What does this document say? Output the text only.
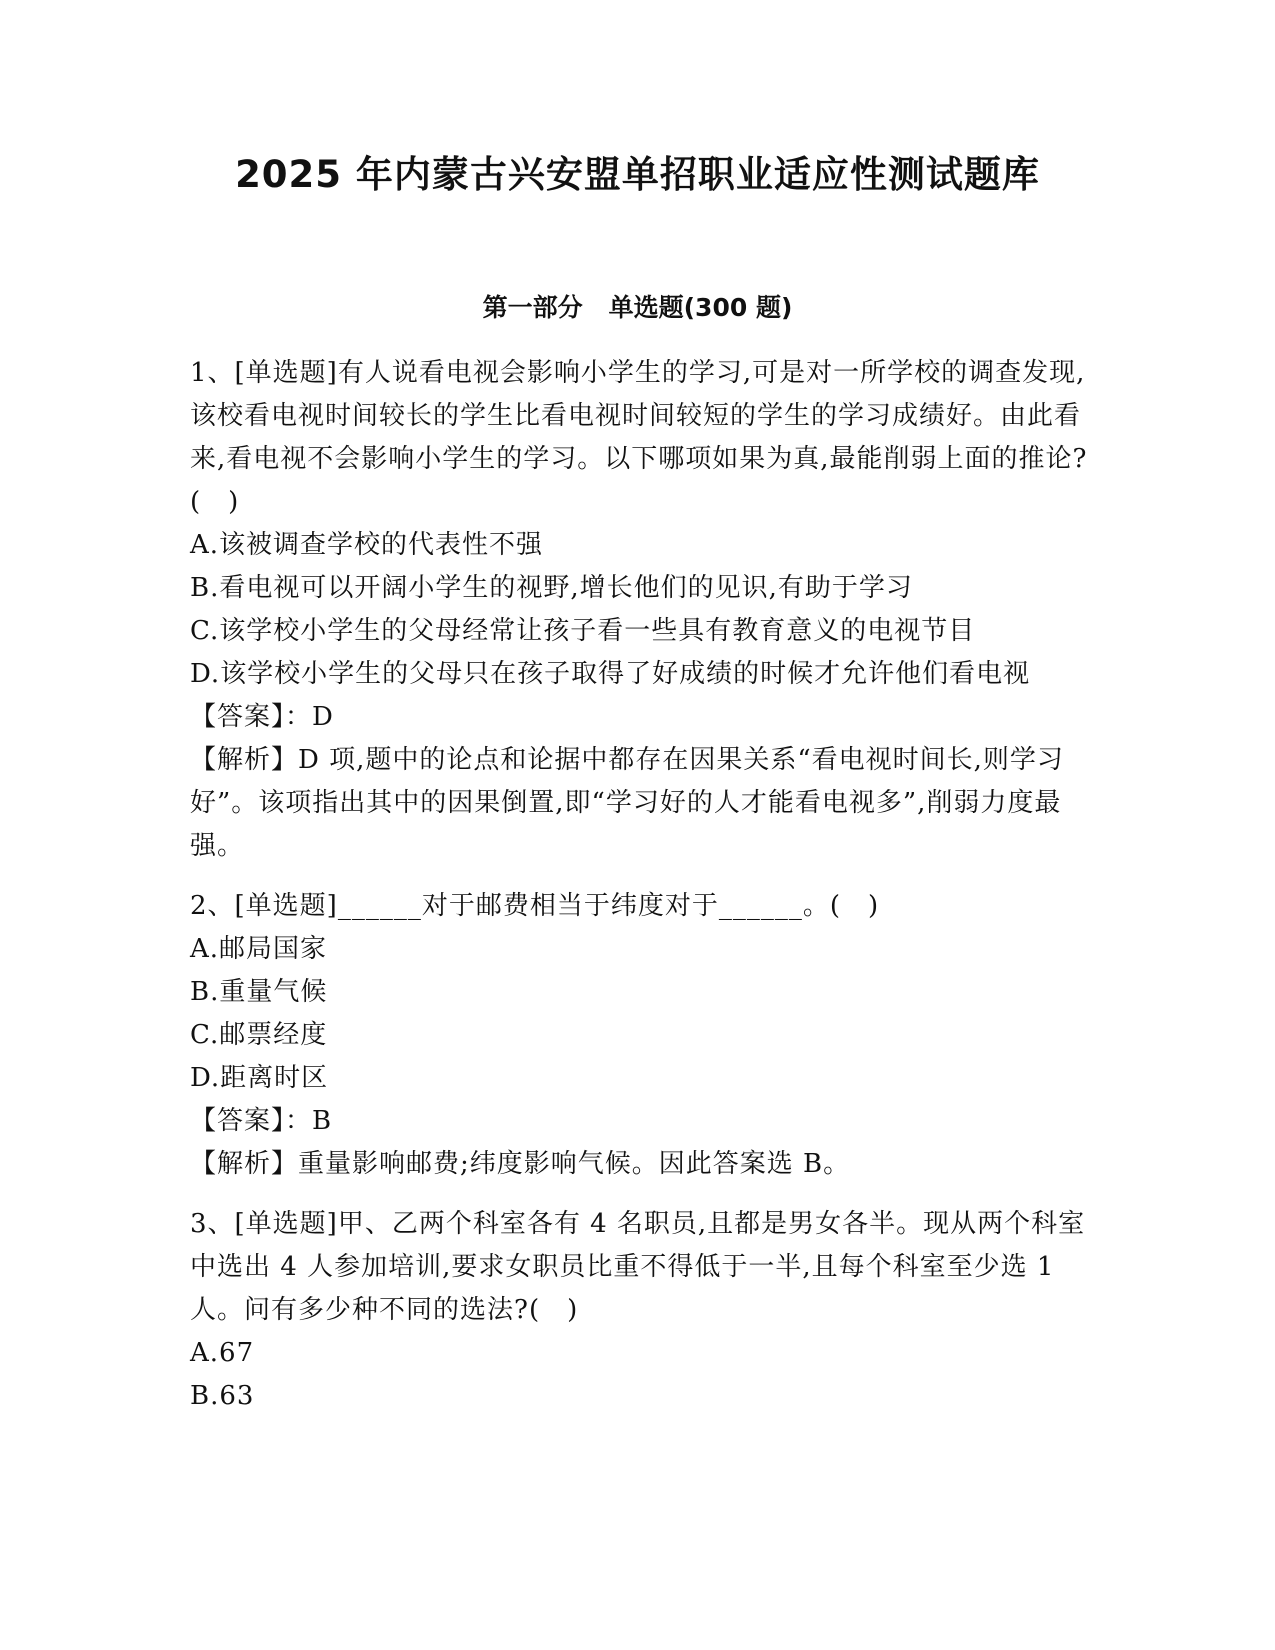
2025 年内蒙古兴安盟单招职业适应性测试题库
第一部分 单选题(300 题)

1、[单选题]有人说看电视会影响小学生的学习,可是对一所学校的调查发现,该校看电视时间较长的学生比看电视时间较短的学生的学习成绩好。由此看来,看电视不会影响小学生的学习。以下哪项如果为真,最能削弱上面的推论?(　)

A.该被调查学校的代表性不强

B.看电视可以开阔小学生的视野,增长他们的见识,有助于学习

C.该学校小学生的父母经常让孩子看一些具有教育意义的电视节目

D.该学校小学生的父母只在孩子取得了好成绩的时候才允许他们看电视

【答案】：D

【解析】D 项,题中的论点和论据中都存在因果关系“看电视时间长,则学习好”。该项指出其中的因果倒置,即“学习好的人才能看电视多”,削弱力度最强。

2、[单选题]______对于邮费相当于纬度对于______。(　)

A.邮局国家

B.重量气候

C.邮票经度

D.距离时区

【答案】：B

【解析】重量影响邮费;纬度影响气候。因此答案选 B。

3、[单选题]甲、乙两个科室各有 4 名职员,且都是男女各半。现从两个科室中选出 4 人参加培训,要求女职员比重不得低于一半,且每个科室至少选 1 人。问有多少种不同的选法?(　)

A.67

B.63
